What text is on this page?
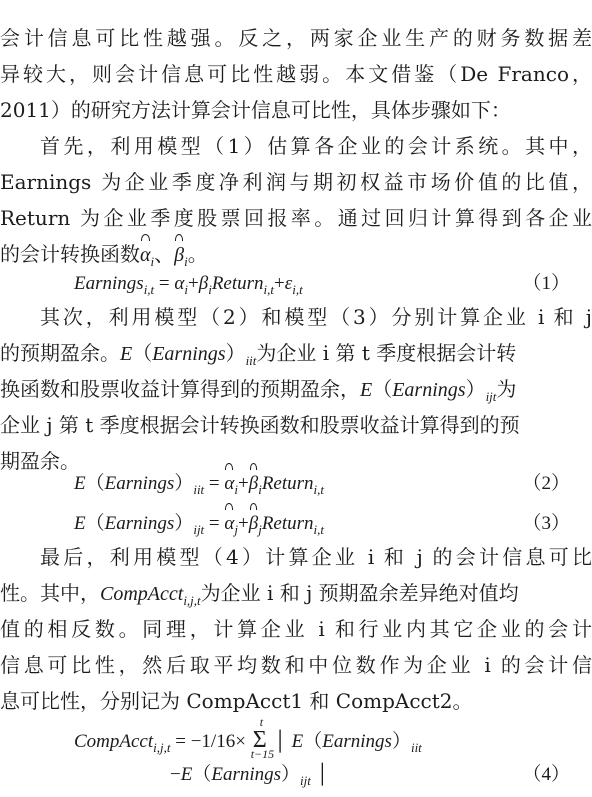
会计信息可比性越强。反之，两家企业生产的财务数据差
异较大，则会计信息可比性越弱。本文借鉴（De Franco，
2011）的研究方法计算会计信息可比性，具体步骤如下：
首先，利用模型（1）估算各企业的会计系统。其中，
Earnings 为企业季度净利润与期初权益市场价值的比值，
Return 为企业季度股票回报率。通过回归计算得到各企业
的会计转换函数$\alpha_i$、$\beta_i$。
Earnings$_{i,t}$ = $\alpha_i+\beta_iReturn_{i,t}+\varepsilon_{i,t}$	（1）
其次，利用模型（2）和模型（3）分别计算企业 i 和 j
的预期盈余。$E(Earnings)_{iit}$为企业 i 第 t 季度根据会计转
换函数和股票收益计算得到的预期盈余，$E(Earnings)_{ijt}$为
企业 j 第 t 季度根据会计转换函数和股票收益计算得到的预
期盈余。
$E(Earnings)_{iit}$ = $\alpha_i+\beta_iReturn_{i,t}$	（2）
$E(Earnings)_{ijt}$ = $\alpha_j+\beta_jReturn_{i,t}$	（3）
最后，利用模型（4）计算企业 i 和 j 的会计信息可比
性。其中，CompAcct$_{i,j,t}$为企业 i 和 j 预期盈余差异绝对值均
值的相反数。同理，计算企业 i 和行业内其它企业的会计
信息可比性，然后取平均数和中位数作为企业 i 的会计信
息可比性，分别记为 CompAcct1 和 CompAcct2。
CompAcct$_{i,j,t}$ = −1/16× Σ
t
t−15
│ $E(Earnings)_{iit}$
$-E(Earnings)_{ijt}$ │	（4）
